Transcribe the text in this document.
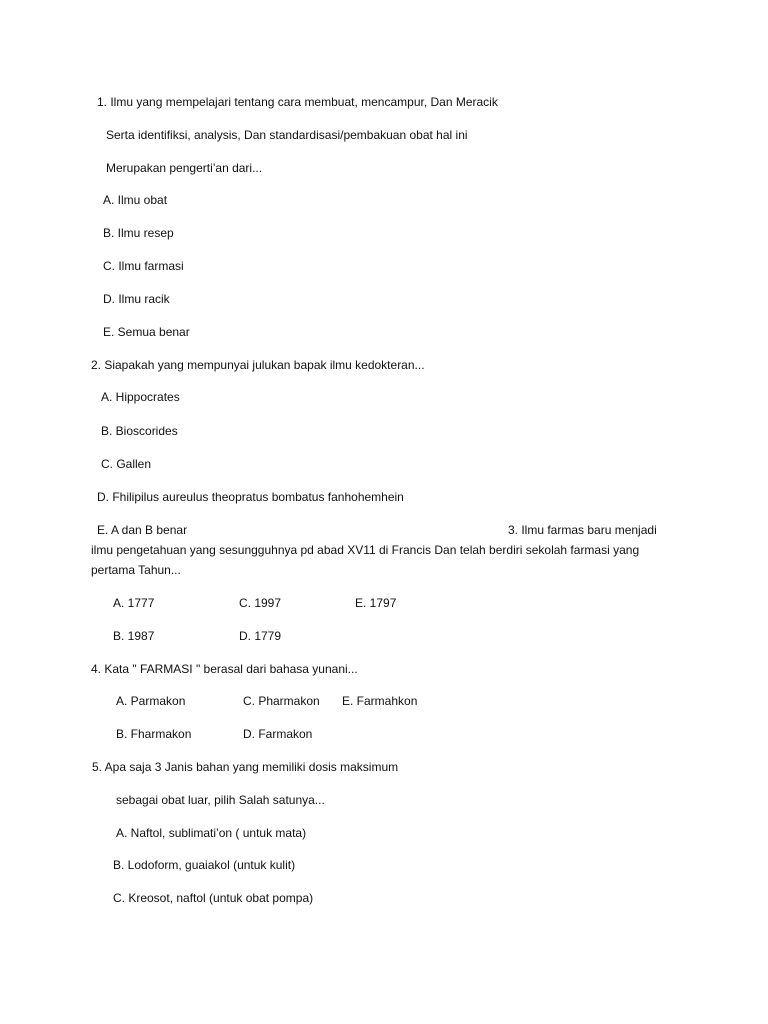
1. Ilmu yang mempelajari tentang cara membuat, mencampur, Dan Meracik
Serta identifiksi, analysis, Dan standardisasi/pembakuan obat hal ini
Merupakan pengerti’an dari...
A. Ilmu obat
B. Ilmu resep
C. Ilmu farmasi
D. Ilmu racik
E. Semua benar
2. Siapakah yang mempunyai julukan bapak ilmu kedokteran...
A. Hippocrates
B. Bioscorides
C. Gallen
D. Fhilipilus aureulus theopratus bombatus fanhohemhein
E. A dan B benar	3. Ilmu farmas baru menjadi
ilmu pengetahuan yang sesungguhnya pd abad XV11 di Francis Dan telah berdiri sekolah farmasi yang
pertama Tahun...
A. 1777	C. 1997	E. 1797
B. 1987	D. 1779
4. Kata " FARMASI " berasal dari bahasa yunani...
A. Parmakon	C. Pharmakon E. Farmahkon
B. Fharmakon	D. Farmakon
5. Apa saja 3 Janis bahan yang memiliki dosis maksimum
sebagai obat luar, pilih Salah satunya...
A. Naftol, sublimati’on ( untuk mata)
B. Lodoform, guaiakol (untuk kulit)
C. Kreosot, naftol (untuk obat pompa)
